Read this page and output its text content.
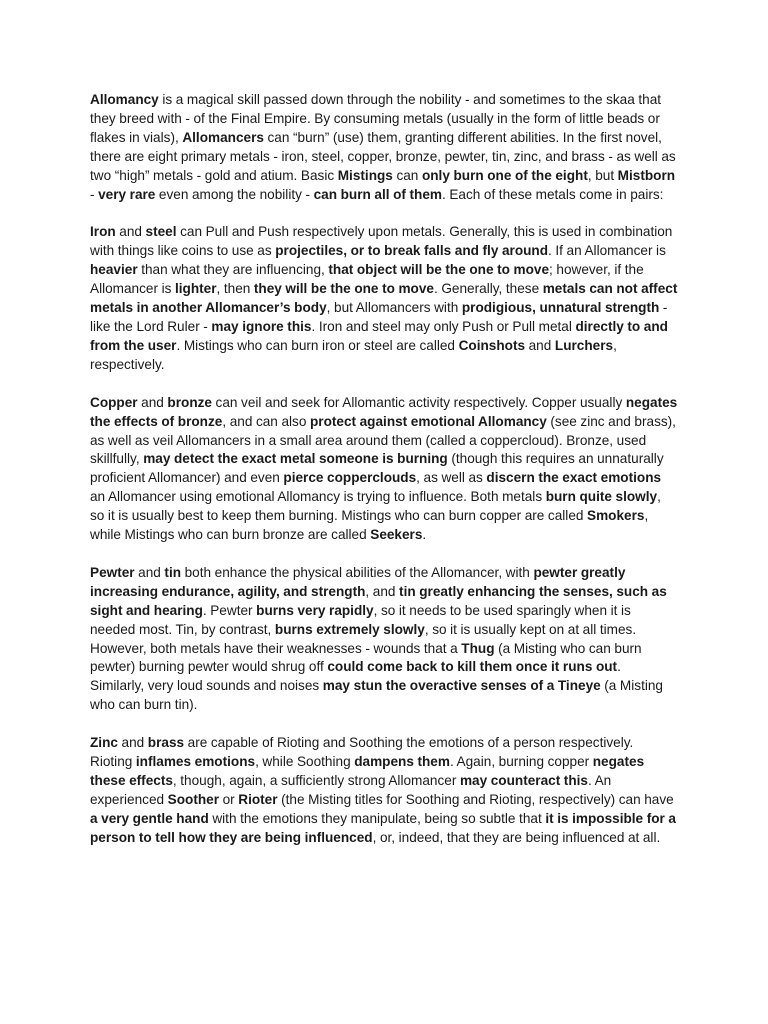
Allomancy is a magical skill passed down through the nobility - and sometimes to the skaa that they breed with - of the Final Empire. By consuming metals (usually in the form of little beads or flakes in vials), Allomancers can “burn” (use) them, granting different abilities. In the first novel, there are eight primary metals - iron, steel, copper, bronze, pewter, tin, zinc, and brass - as well as two “high” metals - gold and atium. Basic Mistings can only burn one of the eight, but Mistborn - very rare even among the nobility - can burn all of them. Each of these metals come in pairs:

Iron and steel can Pull and Push respectively upon metals. Generally, this is used in combination with things like coins to use as projectiles, or to break falls and fly around. If an Allomancer is heavier than what they are influencing, that object will be the one to move; however, if the Allomancer is lighter, then they will be the one to move. Generally, these metals can not affect metals in another Allomancer’s body, but Allomancers with prodigious, unnatural strength - like the Lord Ruler - may ignore this. Iron and steel may only Push or Pull metal directly to and from the user. Mistings who can burn iron or steel are called Coinshots and Lurchers, respectively.

Copper and bronze can veil and seek for Allomantic activity respectively. Copper usually negates the effects of bronze, and can also protect against emotional Allomancy (see zinc and brass), as well as veil Allomancers in a small area around them (called a coppercloud). Bronze, used skillfully, may detect the exact metal someone is burning (though this requires an unnaturally proficient Allomancer) and even pierce copperclouds, as well as discern the exact emotions an Allomancer using emotional Allomancy is trying to influence. Both metals burn quite slowly, so it is usually best to keep them burning. Mistings who can burn copper are called Smokers, while Mistings who can burn bronze are called Seekers.

Pewter and tin both enhance the physical abilities of the Allomancer, with pewter greatly increasing endurance, agility, and strength, and tin greatly enhancing the senses, such as sight and hearing. Pewter burns very rapidly, so it needs to be used sparingly when it is needed most. Tin, by contrast, burns extremely slowly, so it is usually kept on at all times. However, both metals have their weaknesses - wounds that a Thug (a Misting who can burn pewter) burning pewter would shrug off could come back to kill them once it runs out. Similarly, very loud sounds and noises may stun the overactive senses of a Tineye (a Misting who can burn tin).

Zinc and brass are capable of Rioting and Soothing the emotions of a person respectively. Rioting inflames emotions, while Soothing dampens them. Again, burning copper negates these effects, though, again, a sufficiently strong Allomancer may counteract this. An experienced Soother or Rioter (the Misting titles for Soothing and Rioting, respectively) can have a very gentle hand with the emotions they manipulate, being so subtle that it is impossible for a person to tell how they are being influenced, or, indeed, that they are being influenced at all.
